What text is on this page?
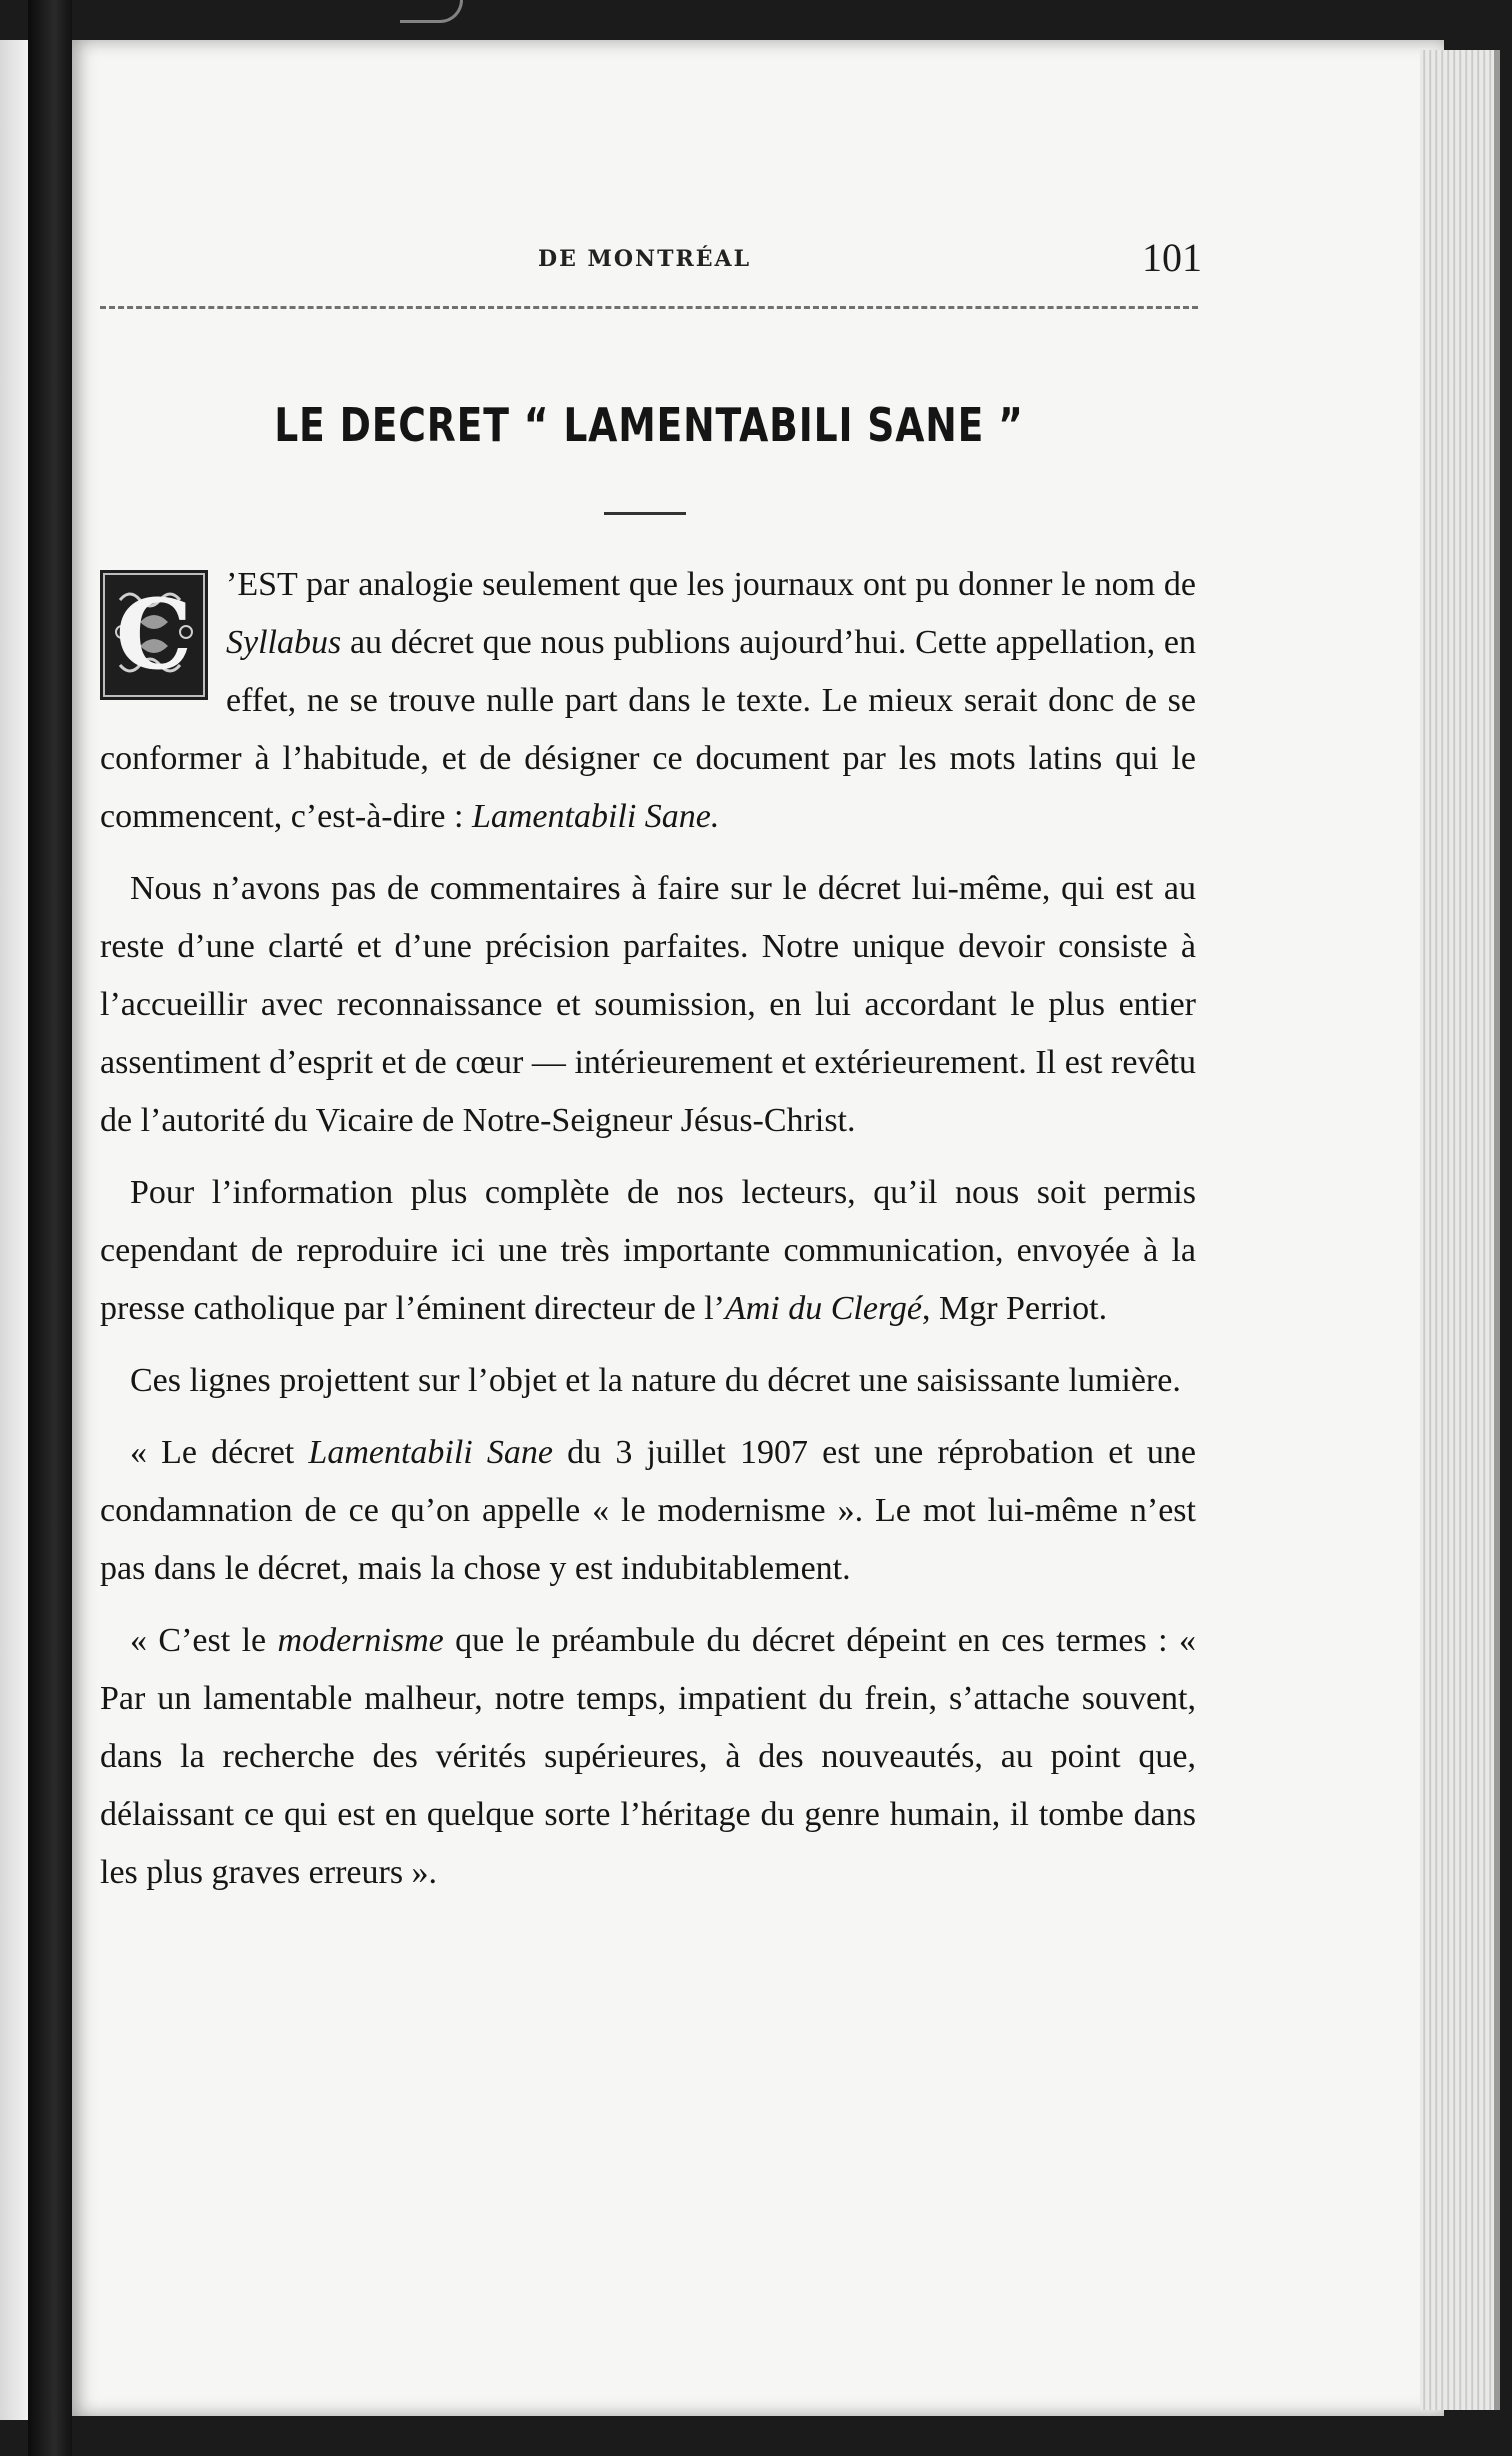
DE MONTRÉAL	101
LE DECRET “ LAMENTABILI SANE ”

C ’EST par analogie seulement que les journaux ont pu donner le nom de Syllabus au décret que nous publions aujourd’hui. Cette appellation, en effet, ne se trouve nulle part dans le texte. Le mieux serait donc de se conformer à l’habitude, et de désigner ce document par les mots latins qui le commencent, c’est-à-dire : Lamentabili Sane.

Nous n’avons pas de commentaires à faire sur le décret lui-même, qui est au reste d’une clarté et d’une précision parfaites. Notre unique devoir consiste à l’accueillir avec reconnaissance et soumission, en lui accordant le plus entier assentiment d’esprit et de cœur — intérieurement et extérieurement. Il est revêtu de l’autorité du Vicaire de Notre-Seigneur Jésus-Christ.

Pour l’information plus complète de nos lecteurs, qu’il nous soit permis cependant de reproduire ici une très importante communication, envoyée à la presse catholique par l’éminent directeur de l’Ami du Clergé, Mgr Perriot.

Ces lignes projettent sur l’objet et la nature du décret une saisissante lumière.

« Le décret Lamentabili Sane du 3 juillet 1907 est une réprobation et une condamnation de ce qu’on appelle « le modernisme ». Le mot lui-même n’est pas dans le décret, mais la chose y est indubitablement.

« C’est le modernisme que le préambule du décret dépeint en ces termes : « Par un lamentable malheur, notre temps, impatient du frein, s’attache souvent, dans la recherche des vérités supérieures, à des nouveautés, au point que, délaissant ce qui est en quelque sorte l’héritage du genre humain, il tombe dans les plus graves erreurs ».
